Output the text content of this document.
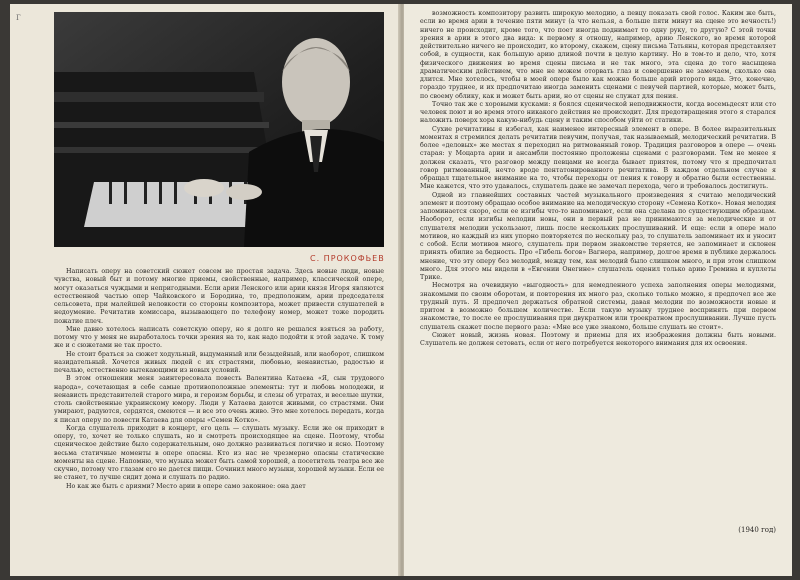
Г
С. ПРОКОФЬЕВ

Написать оперу на советский сюжет совсем не простая задача. Здесь новые люди, новые чувства, новый быт и потому многие приемы, свойственные, например, классической опере, могут оказаться чуждыми и непригодными. Если арии Ленского или арии князя Игоря являются естественной частью опер Чайковского и Бородина, то, предположим, арии председателя сельсовета, при малейшей неловкости со стороны композитора, может привести слушателей в недоумение. Речитатив комиссара, вызывающего по телефону номер, может тоже породить пожатие плеч.

Мне давно хотелось написать советскую оперу, но я долго не решался взяться за работу, потому что у меня не выработалось точки зрения на то, как надо подойти к этой задаче. К тому же и с сюжетами не так просто.

Не стоит браться за сюжет ходульный, выдуманный или безыдейный, или наоборот, слишком назидательный. Хочется живых людей с их страстями, любовью, ненавистью, радостью и печалью, естественно вытекающими из новых условий.

В этом отношении меня заинтересовала повесть Валентина Катаева «Я, сын трудового народа», сочетающая в себе самые противоположные элементы: тут и любовь молодежи, и ненависть представителей старого мира, и героизм борьбы, и слезы об утратах, и веселые шутки, столь свойственные украинскому юмору. Люди у Катаева даются живыми, со страстями. Они умирают, радуются, сердятся, смеются — и все это очень живо. Это мне хотелось передать, когда я писал оперу по повести Катаева для оперы «Семен Котко».

Когда слушатель приходит в концерт, его цель — слушать музыку. Если же он приходит в оперу, то, хочет не только слушать, но и смотреть происходящее на сцене. Поэтому, чтобы сценическое действие было содержательным, оно должно развиваться логично и ясно. Поэтому весьма статичные моменты в опере опасны. Кто из нас не чрезмерно опасны статические моменты на сцене. Напомню, что музыка может быть самой хорошей, а посетитель театра все же скучно, потому что глазам его не дается пищи. Сочинил много музыки, хорошей музыки. Если ее не станет, то лучше сидит дома и слушать по радио.

Но как же быть с ариями? Место арии в опере само законное: она дает

возможность композитору развить широкую мелодию, а певцу показать свой голос. Каким же быть, если во время арии в течение пяти минут (а что нельзя, а больше пяти минут на сцене это вечность!) ничего не происходит, кроме того, что поет иногда поднимает то одну руку, то другую? С этой точки зрения в арии в этого два вида: к первому я отношу, например, арию Ленского, во время которой действительно ничего не происходит, ко второму, скажем, сцену письма Татьяны, которая представляет собой, в сущности, как большую арию длиной почти в целую картину. Но в том-то и дело, что, хотя физического движения во время сцены письма и не так много, эта сцена до того насыщена драматическим действием, что мне не можем оторвать глаз и совершенно не замечаем, сколько она длится. Мне хотелось, чтобы в моей опере было как можно больше арий второго вида. Это, конечно, гораздо труднее, и их предпочитаю иногда заменить сценами с певучей партией, которые, может быть, по своему облику, как и может быть арии, но от сцены не служат для пения.

Точно так же с хоровыми кусками: я боялся сценической неподвижности, когда восемьдесят или сто человек поют и во время этого никакого действия не происходит. Для предотвращения этого я старался наложить поверх хора какую-нибудь сцену и таким способом уйти от статики.

Сухие речитативы я избегал, как наименее интересный элемент в опере. В более выразительных моментах я стремился делать речитатив певучим, получая, так называемый, мелодический речитатив. В более «деловых» же местах я переходил на ритмованный говор. Традиция разговоров в опере — очень старая: у Моцарта арии и ансамбли постоянно проложены сценами с разговорами. Тем не менее я должен сказать, что разговор между певцами не всегда бывает приятен, потому что я предпочитал говор ритмованный, нечто вроде пентатонированного речитатива. В каждом отдельном случае я обращал тщательное внимание на то, чтобы переходы от пения к говору и обратно были естественны. Мне кажется, что это удавалось, слушатель даже не замечал перехода, чего и требовалось достигнуть.

Одной из главнейших составных частей музыкального произведения я считаю мелодический элемент и поэтому обращаю особое внимание на мелодическую сторону «Семена Котко». Новая мелодия запоминается скоро, если ее изгибы что-то напоминают, если она сделана по существующим образцам. Наоборот, если изгибы мелодии новы, они в первый раз не принимаются за мелодические и от слушателя мелодии ускользают, лишь после нескольких прослушиваний. И еще: если в опере мало мотивов, но каждый из них упорно повторяется по нескольку раз, то слушатель запоминает их и уносит с собой. Если мотивов много, слушатель при первом знакомстве теряется, не запоминает и склонен принять обилие за бедность. Про «Гибель богов» Вагнера, например, долгое время в публике держалось мнение, что эту оперу без мелодий, между тем, как мелодий было слишком много, и при этом слишком много. Для этого мы видели в «Евгении Онегине» слушатель оценил только арию Гремина и куплеты Трике.

Несмотря на очевидную «выгодность» для немедленного успеха заполнения оперы мелодиями, знакомыми по своим оборотам, и повторения их много раз, сколько только можно, я предпочел все же трудный путь. Я предпочел держаться обратной системы, давая мелодии по возможности новые и притом в возможно большем количестве. Если такую музыку труднее воспринять при первом знакомстве, то после ее прослушивания при двукратном или троекратном прослушивании. Лучше пусть слушатель скажет после первого раза: «Мне все уже знакомо, больше слушать не стоит».

Сюжет новый, жизнь новая. Поэтому и приемы для их изображения должны быть новыми. Слушатель не должен сетовать, если от него потребуется некоторого внимания для их освоения.

(1940 год)
